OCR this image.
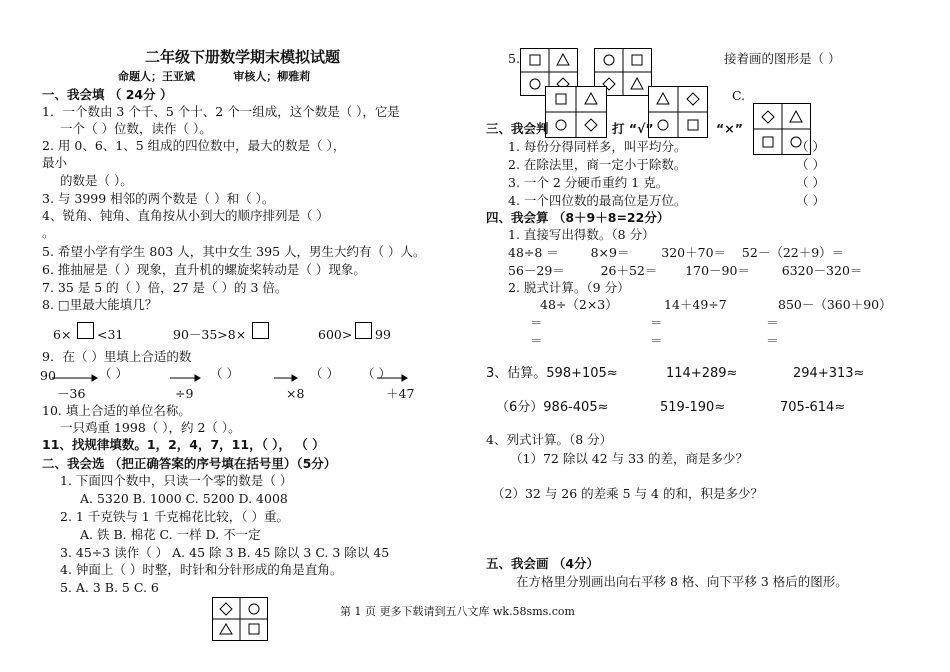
二年级下册数学期末模拟试题
命题人；王亚斌          审核人；柳雅莉
一、我会填 （ 24分 ）
1．一个数由 3 个千、5 个十、2 个一组成，这个数是（ ），它是
一个（ ）位数，读作（ ）。
2. 用 0、6、1、5 组成的四位数中，最大的数是（ ），
最小
的数是（ ）。
3. 与 3999 相邻的两个数是（ ）和（ ）。
4、锐角、钝角、直角按从小到大的顺序排列是（ ）
。
5. 希望小学有学生 803 人，其中女生 395 人，男生大约有（ ）人。
6. 推抽屉是（ ）现象，直升机的螺旋桨转动是（ ）现象。
7. 35 是 5 的（ ）倍，27 是（ ）的 3 倍。
8. □里最大能填几？
6× <31	90－35>8×	600> 99
9．在（ ）里填上合适的数
90	（ ）	（ ）	（ ） （ ）
－36	÷9	×8	＋47
10. 填上合适的单位名称。
一只鸡重 1998（ ），约 2（ ）。
11、找规律填数。1，2，4，7，11，（ ）， （ ）
二、我会选 （把正确答案的序号填在括号里）（5分）
1. 下面四个数中，只读一个零的数是（ ）
A. 5320 B. 1000 C. 5200 D. 4008
2. 1 千克铁与 1 千克棉花比较，（ ）重。
A. 铁 B. 棉花 C. 一样 D. 不一定
3. 45÷3 读作（ ） A. 45 除 3 B. 45 除以 3 C. 3 除以 45
4. 钟面上（ ）时整，时针和分针形成的角是直角。
5. A. 3 B. 5 C. 6
5.	接着画的图形是（ ）
C.
三、我会判	打 “√”	“×”
1. 每份分得同样多，叫平均分。	（ ）
2. 在除法里，商一定小于除数。	（ ）
3. 一个 2 分硬币重约 1 克。	（ ）
4. 一个四位数的最高位是万位。	（ ）
四、我会算 （8＋9＋8=22分）
1. 直接写出得数。（8 分）
48÷8 ＝        8×9＝        320＋70＝    52－（22＋9）＝
56－29＝         26＋52＝       170－90＝        6320－320＝
2. 脱式计算。（9 分）
48÷（2×3）	14＋49÷7	850－（360＋90）
＝	＝	＝
＝	＝	＝
3、估算。598+105≈	114+289≈	294+313≈
（6分）986-405≈	519-190≈	705-614≈
4、列式计算。（8 分）
（1）72 除以 42 与 33 的差，商是多少？
（2）32 与 26 的差乘 5 与 4 的和，积是多少？
五、我会画 （4分）
在方格里分别画出向右平移 8 格、向下平移 3 格后的图形。
第 1 页 更多下载请到五八文库 wk.58sms.com
